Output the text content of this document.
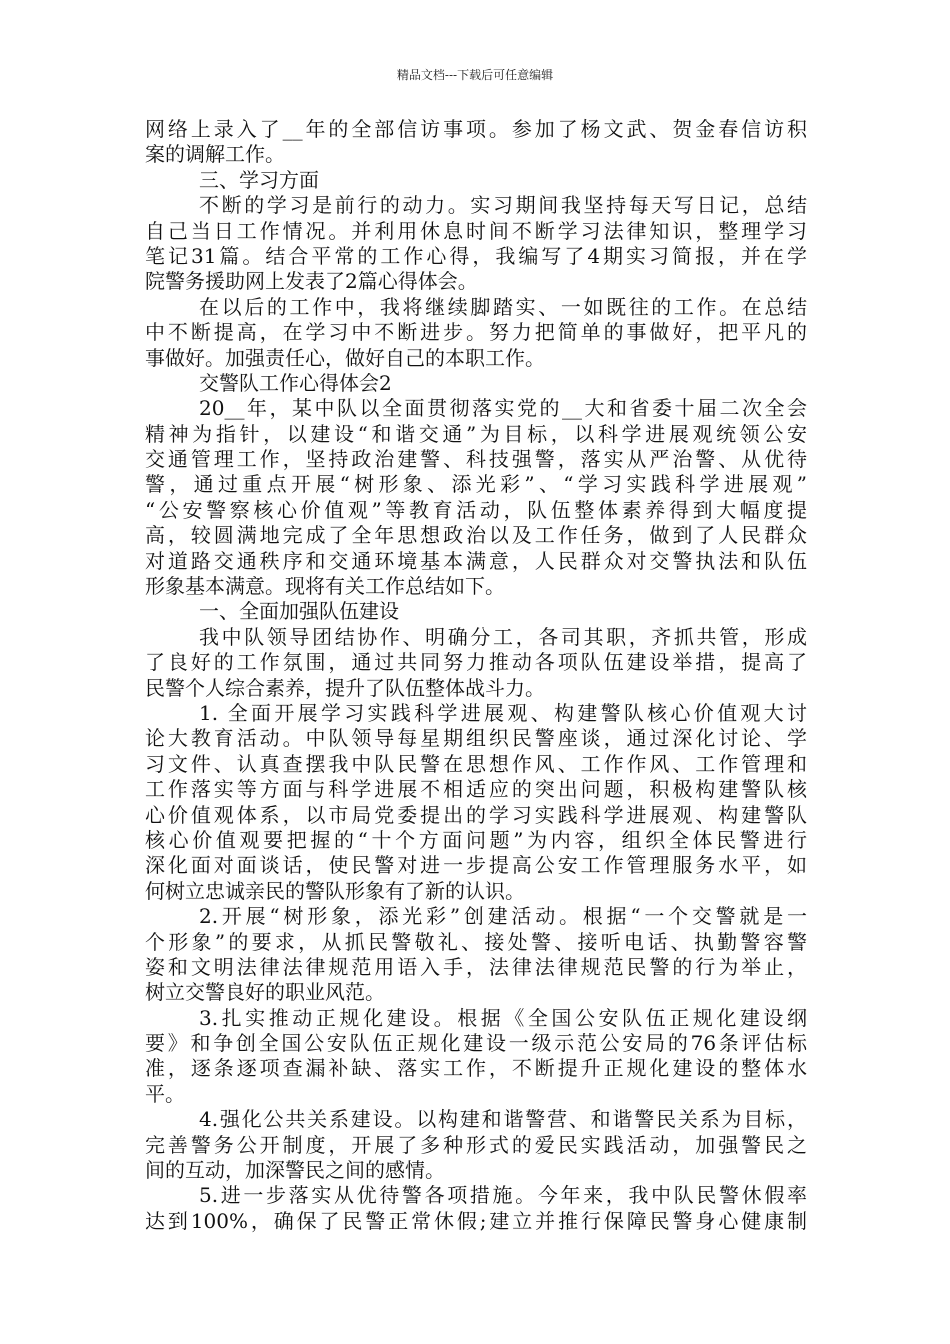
精品文档---下载后可任意编辑
网络上录入了__年的全部信访事项。参加了杨文武、贺金春信访积
案的调解工作。
三、学习方面
不断的学习是前行的动力。实习期间我坚持每天写日记，总结
自己当日工作情况。并利用休息时间不断学习法律知识，整理学习
笔记31篇。结合平常的工作心得，我编写了4期实习简报，并在学
院警务援助网上发表了2篇心得体会。
在以后的工作中，我将继续脚踏实、一如既往的工作。在总结
中不断提高，在学习中不断进步。努力把简单的事做好，把平凡的
事做好。加强责任心，做好自己的本职工作。
交警队工作心得体会2
20__年，某中队以全面贯彻落实党的__大和省委十届二次全会
精神为指针，以建设“和谐交通”为目标，以科学进展观统领公安
交通管理工作，坚持政治建警、科技强警，落实从严治警、从优待
警，通过重点开展“树形象、添光彩”、“学习实践科学进展观”
“公安警察核心价值观”等教育活动，队伍整体素养得到大幅度提
高，较圆满地完成了全年思想政治以及工作任务，做到了人民群众
对道路交通秩序和交通环境基本满意，人民群众对交警执法和队伍
形象基本满意。现将有关工作总结如下。
一、全面加强队伍建设
我中队领导团结协作、明确分工，各司其职，齐抓共管，形成
了良好的工作氛围，通过共同努力推动各项队伍建设举措，提高了
民警个人综合素养，提升了队伍整体战斗力。
1. 全面开展学习实践科学进展观、构建警队核心价值观大讨
论大教育活动。中队领导每星期组织民警座谈，通过深化讨论、学
习文件、认真查摆我中队民警在思想作风、工作作风、工作管理和
工作落实等方面与科学进展不相适应的突出问题，积极构建警队核
心价值观体系，以市局党委提出的学习实践科学进展观、构建警队
核心价值观要把握的“十个方面问题”为内容，组织全体民警进行
深化面对面谈话，使民警对进一步提高公安工作管理服务水平，如
何树立忠诚亲民的警队形象有了新的认识。
2.开展“树形象，添光彩”创建活动。根据“一个交警就是一
个形象”的要求，从抓民警敬礼、接处警、接听电话、执勤警容警
姿和文明法律法律规范用语入手，法律法律规范民警的行为举止，
树立交警良好的职业风范。
3.扎实推动正规化建设。根据《全国公安队伍正规化建设纲
要》和争创全国公安队伍正规化建设一级示范公安局的76条评估标
准，逐条逐项查漏补缺、落实工作，不断提升正规化建设的整体水
平。
4.强化公共关系建设。以构建和谐警营、和谐警民关系为目标，
完善警务公开制度，开展了多种形式的爱民实践活动，加强警民之
间的互动，加深警民之间的感情。
5.进一步落实从优待警各项措施。今年来，我中队民警休假率
达到100%，确保了民警正常休假;建立并推行保障民警身心健康制
